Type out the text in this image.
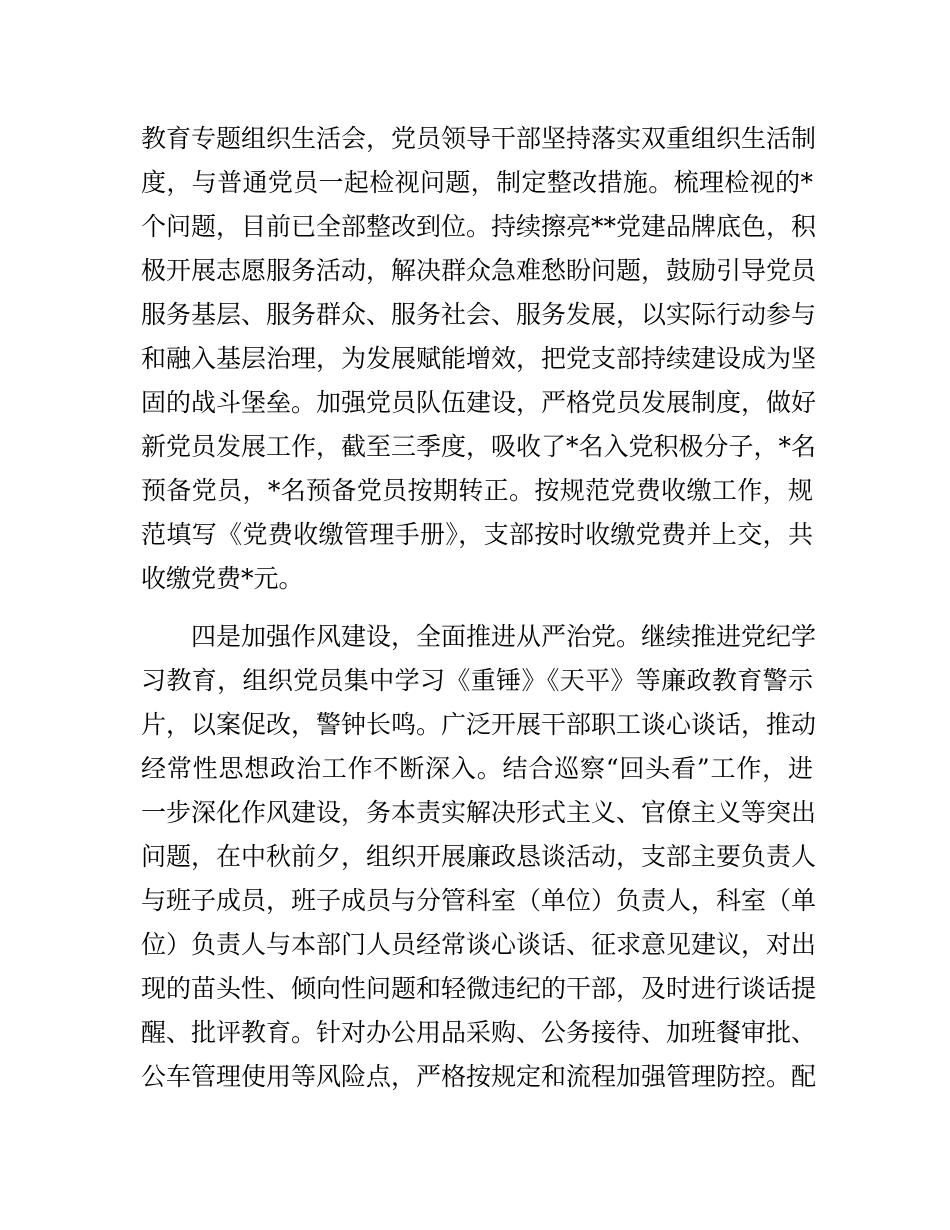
教育专题组织生活会，党员领导干部坚持落实双重组织生活制
度，与普通党员一起检视问题，制定整改措施。梳理检视的*
个问题，目前已全部整改到位。持续擦亮**党建品牌底色，积
极开展志愿服务活动，解决群众急难愁盼问题，鼓励引导党员
服务基层、服务群众、服务社会、服务发展，以实际行动参与
和融入基层治理，为发展赋能增效，把党支部持续建设成为坚
固的战斗堡垒。加强党员队伍建设，严格党员发展制度，做好
新党员发展工作，截至三季度，吸收了*名入党积极分子，*名
预备党员，*名预备党员按期转正。按规范党费收缴工作，规
范填写《党费收缴管理手册》，支部按时收缴党费并上交，共
收缴党费*元。
四是加强作风建设，全面推进从严治党。继续推进党纪学
习教育，组织党员集中学习《重锤》《天平》等廉政教育警示
片，以案促改，警钟长鸣。广泛开展干部职工谈心谈话，推动
经常性思想政治工作不断深入。结合巡察“回头看”工作，进
一步深化作风建设，务本责实解决形式主义、官僚主义等突出
问题，在中秋前夕，组织开展廉政恳谈活动，支部主要负责人
与班子成员，班子成员与分管科室（单位）负责人，科室（单
位）负责人与本部门人员经常谈心谈话、征求意见建议，对出
现的苗头性、倾向性问题和轻微违纪的干部，及时进行谈话提
醒、批评教育。针对办公用品采购、公务接待、加班餐审批、
公车管理使用等风险点，严格按规定和流程加强管理防控。配
